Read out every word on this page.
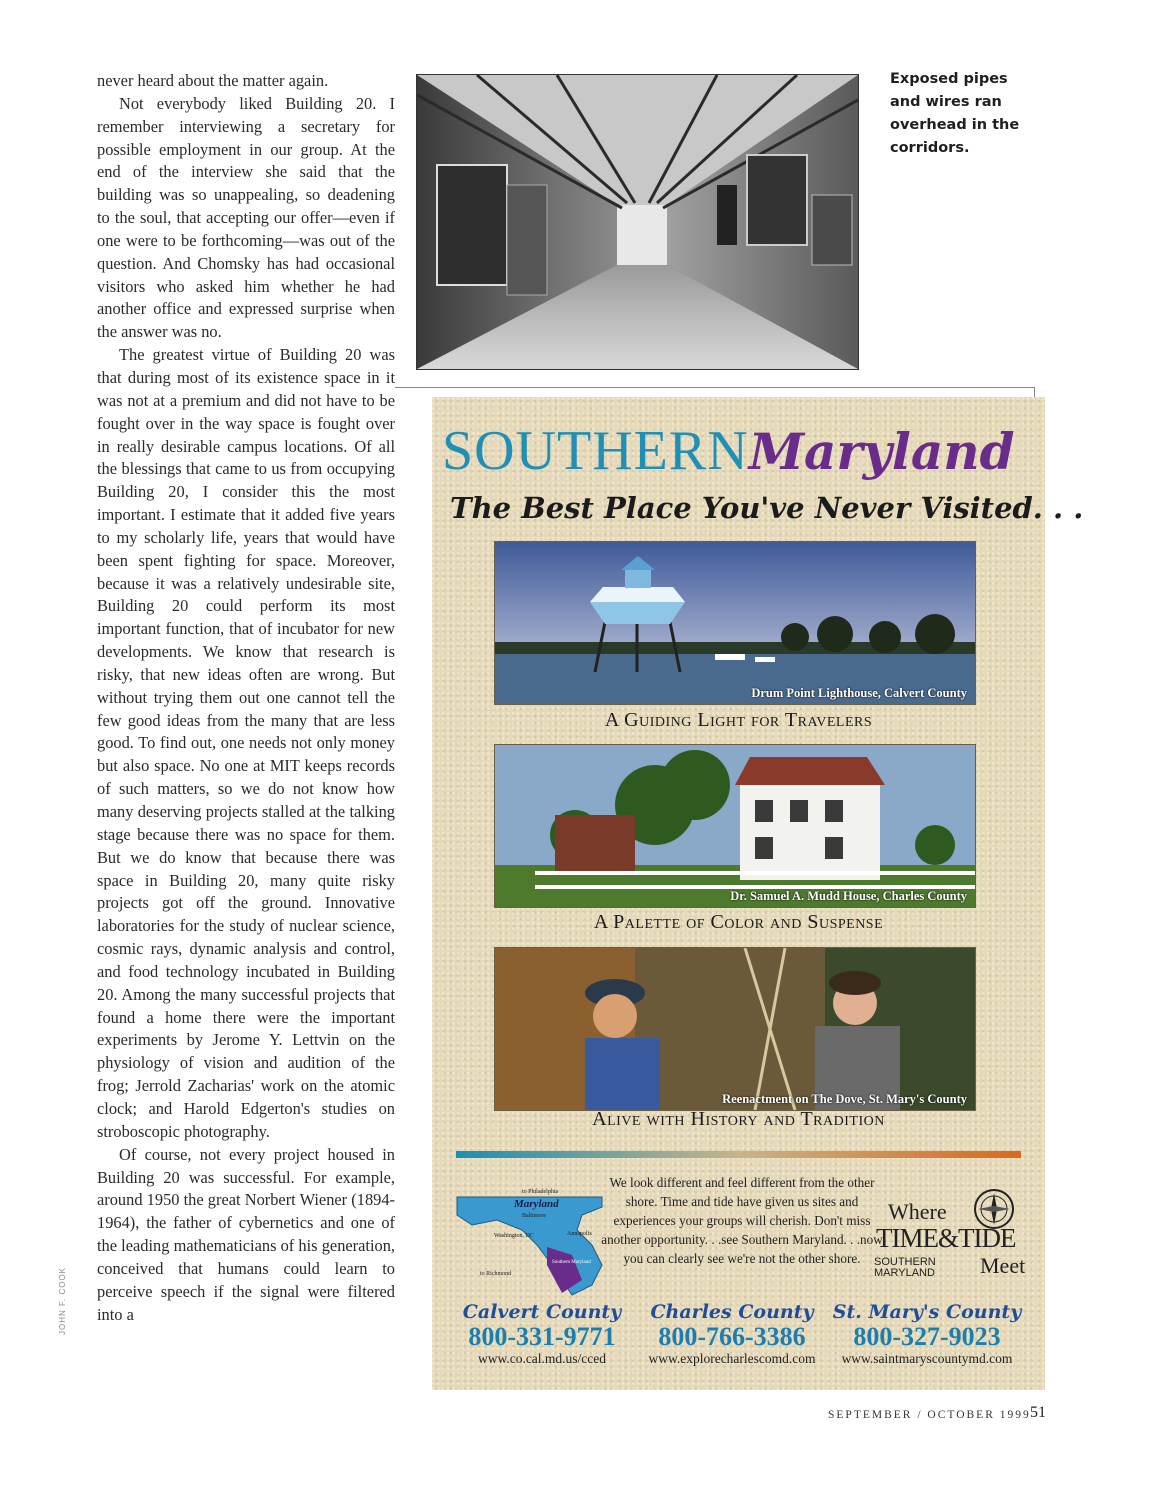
never heard about the matter again.

Not everybody liked Building 20. I remember interviewing a secretary for possible employment in our group. At the end of the interview she said that the building was so unappealing, so deadening to the soul, that accepting our offer—even if one were to be forthcoming—was out of the question. And Chomsky has had occasional visitors who asked him whether he had another office and expressed surprise when the answer was no.

The greatest virtue of Building 20 was that during most of its existence space in it was not at a premium and did not have to be fought over in the way space is fought over in really desirable campus locations. Of all the blessings that came to us from occupying Building 20, I consider this the most important. I estimate that it added five years to my scholarly life, years that would have been spent fighting for space. Moreover, because it was a relatively undesirable site, Building 20 could perform its most important function, that of incubator for new developments. We know that research is risky, that new ideas often are wrong. But without trying them out one cannot tell the few good ideas from the many that are less good. To find out, one needs not only money but also space. No one at MIT keeps records of such matters, so we do not know how many deserving projects stalled at the talking stage because there was no space for them. But we do know that because there was space in Building 20, many quite risky projects got off the ground. Innovative laboratories for the study of nuclear science, cosmic rays, dynamic analysis and control, and food technology incubated in Building 20. Among the many successful projects that found a home there were the important experiments by Jerome Y. Lettvin on the physiology of vision and audition of the frog; Jerrold Zacharias' work on the atomic clock; and Harold Edgerton's studies on stroboscopic photography.

Of course, not every project housed in Building 20 was successful. For example, around 1950 the great Norbert Wiener (1894-1964), the father of cybernetics and one of the leading mathematicians of his generation, conceived that humans could learn to perceive speech if the signal were filtered into a

JOHN F. COOK
Exposed pipes and wires ran overhead in the corridors.
SOUTHERNMaryland
The Best Place You've Never Visited. . .
Drum Point Lighthouse, Calvert County
A Guiding Light for Travelers
Dr. Samuel A. Mudd House, Charles County
A Palette of Color and Suspense
Reenactment on The Dove, St. Mary's County
Alive with History and Tradition
to Philadelphia
Maryland
Baltimore
Washington, DC	Annapolis
to Richmond
Southern Maryland
We look different and feel different from the other shore. Time and tide have given us sites and experiences your groups will cherish. Don't miss another opportunity. . .see Southern Maryland. . .now you can clearly see we're not the other shore.
Where
TIME&TIDE
SOUTHERN
MARYLAND Meet
Calvert County
800-331-9771
www.co.cal.md.us/cced
Charles County
800-766-3386
www.explorecharlescomd.com
St. Mary's County
800-327-9023
www.saintmaryscountymd.com
SEPTEMBER / OCTOBER 1999 51
